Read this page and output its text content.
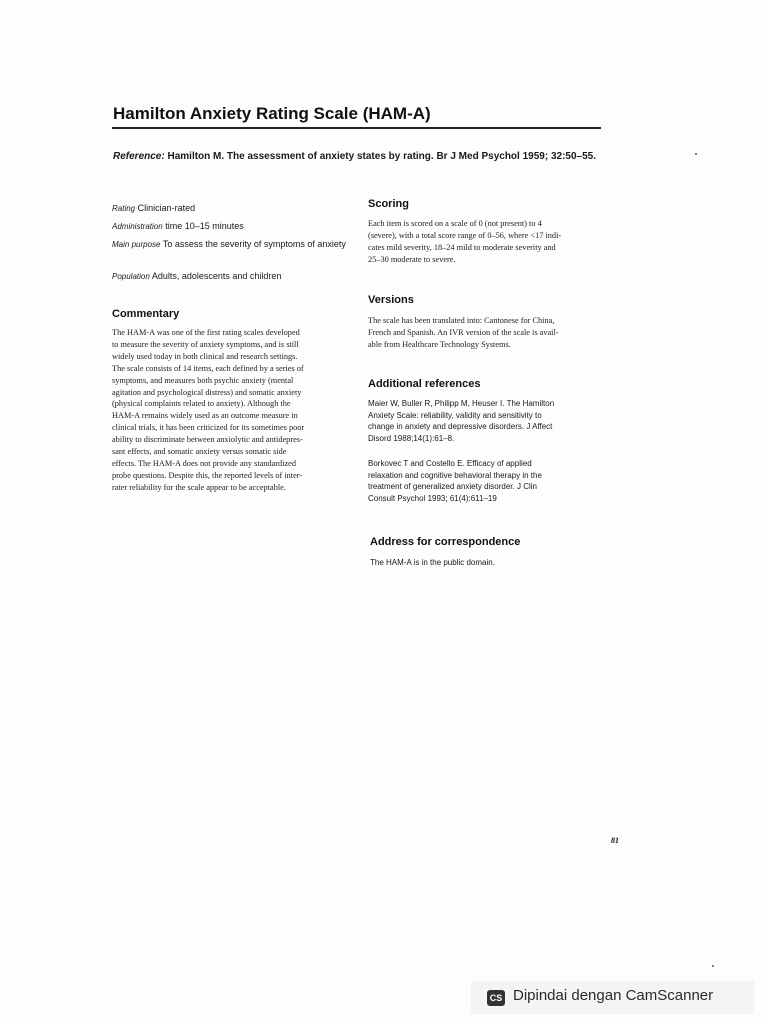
Hamilton Anxiety Rating Scale (HAM-A)

Reference: Hamilton M. The assessment of anxiety states by rating. Br J Med Psychol 1959; 32:50–55.

Rating Clinician-rated

Administration time 10–15 minutes

Main purpose To assess the severity of symptoms of anxiety

Population Adults, adolescents and children

Commentary
The HAM-A was one of the first rating scales developed
to measure the severity of anxiety symptoms, and is still
widely used today in both clinical and research settings.
The scale consists of 14 items, each defined by a series of
symptoms, and measures both psychic anxiety (mental
agitation and psychological distress) and somatic anxiety
(physical complaints related to anxiety). Although the
HAM-A remains widely used as an outcome measure in
clinical trials, it has been criticized for its sometimes poor
ability to discriminate between anxiolytic and antidepres-
sant effects, and somatic anxiety versus somatic side
effects. The HAM-A does not provide any standardized
probe questions. Despite this, the reported levels of inter-
rater reliability for the scale appear to be acceptable.
Scoring
Each item is scored on a scale of 0 (not present) to 4
(severe), with a total score range of 0–56, where <17 indi-
cates mild severity, 18–24 mild to moderate severity and
25–30 moderate to severe.
Versions
The scale has been translated into: Cantonese for China,
French and Spanish. An IVR version of the scale is avail-
able from Healthcare Technology Systems.
Additional references
Maier W, Buller R, Philipp M, Heuser I. The Hamilton
Anxiety Scale: reliability, validity and sensitivity to
change in anxiety and depressive disorders. J Affect
Disord 1988;14(1):61–8.
Borkovec T and Costello E. Efficacy of applied
relaxation and cognitive behavioral therapy in the
treatment of generalized anxiety disorder. J Clin
Consult Psychol 1993; 61(4):611–19
Address for correspondence

The HAM-A is in the public domain.

81

CS Dipindai dengan CamScanner
